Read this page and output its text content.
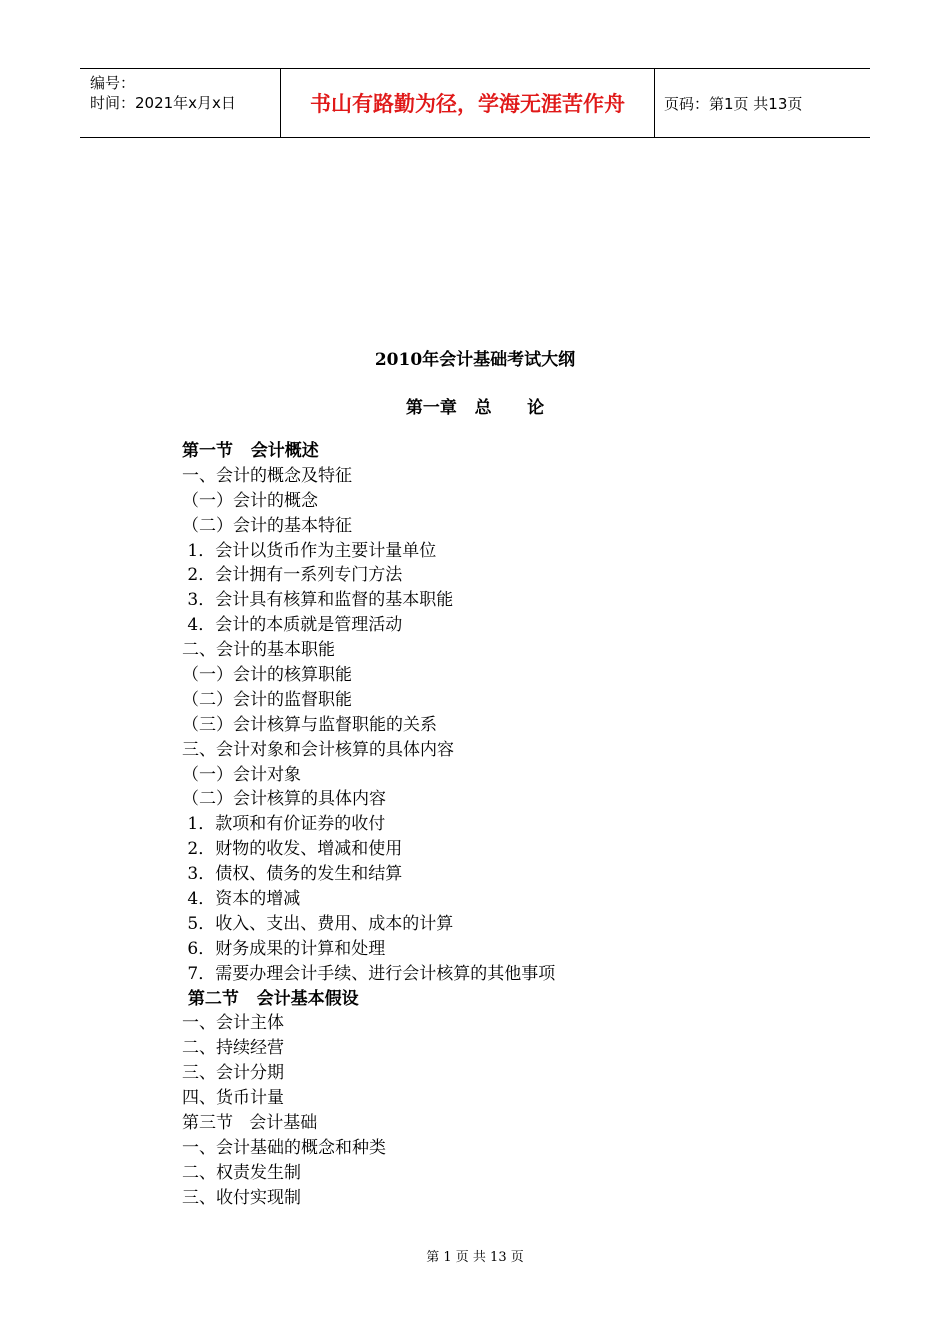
编号：
时间：2021年x月x日	书山有路勤为径，学海无涯苦作舟	页码：第1页 共13页
2010年会计基础考试大纲
第一章   总      论
第一节   会计概述
一、会计的概念及特征
（一）会计的概念
（二）会计的基本特征
1．会计以货币作为主要计量单位
2．会计拥有一系列专门方法
3．会计具有核算和监督的基本职能
4．会计的本质就是管理活动
二、会计的基本职能
（一）会计的核算职能
（二）会计的监督职能
（三）会计核算与监督职能的关系
三、会计对象和会计核算的具体内容
（一）会计对象
（二）会计核算的具体内容
1．款项和有价证券的收付
2．财物的收发、增减和使用
3．债权、债务的发生和结算
4．资本的增减
5．收入、支出、费用、成本的计算
6．财务成果的计算和处理
7．需要办理会计手续、进行会计核算的其他事项
第二节   会计基本假设
一、会计主体
二、持续经营
三、会计分期
四、货币计量
第三节   会计基础
一、会计基础的概念和种类
二、权责发生制
三、收付实现制
第 1 页 共 13 页
